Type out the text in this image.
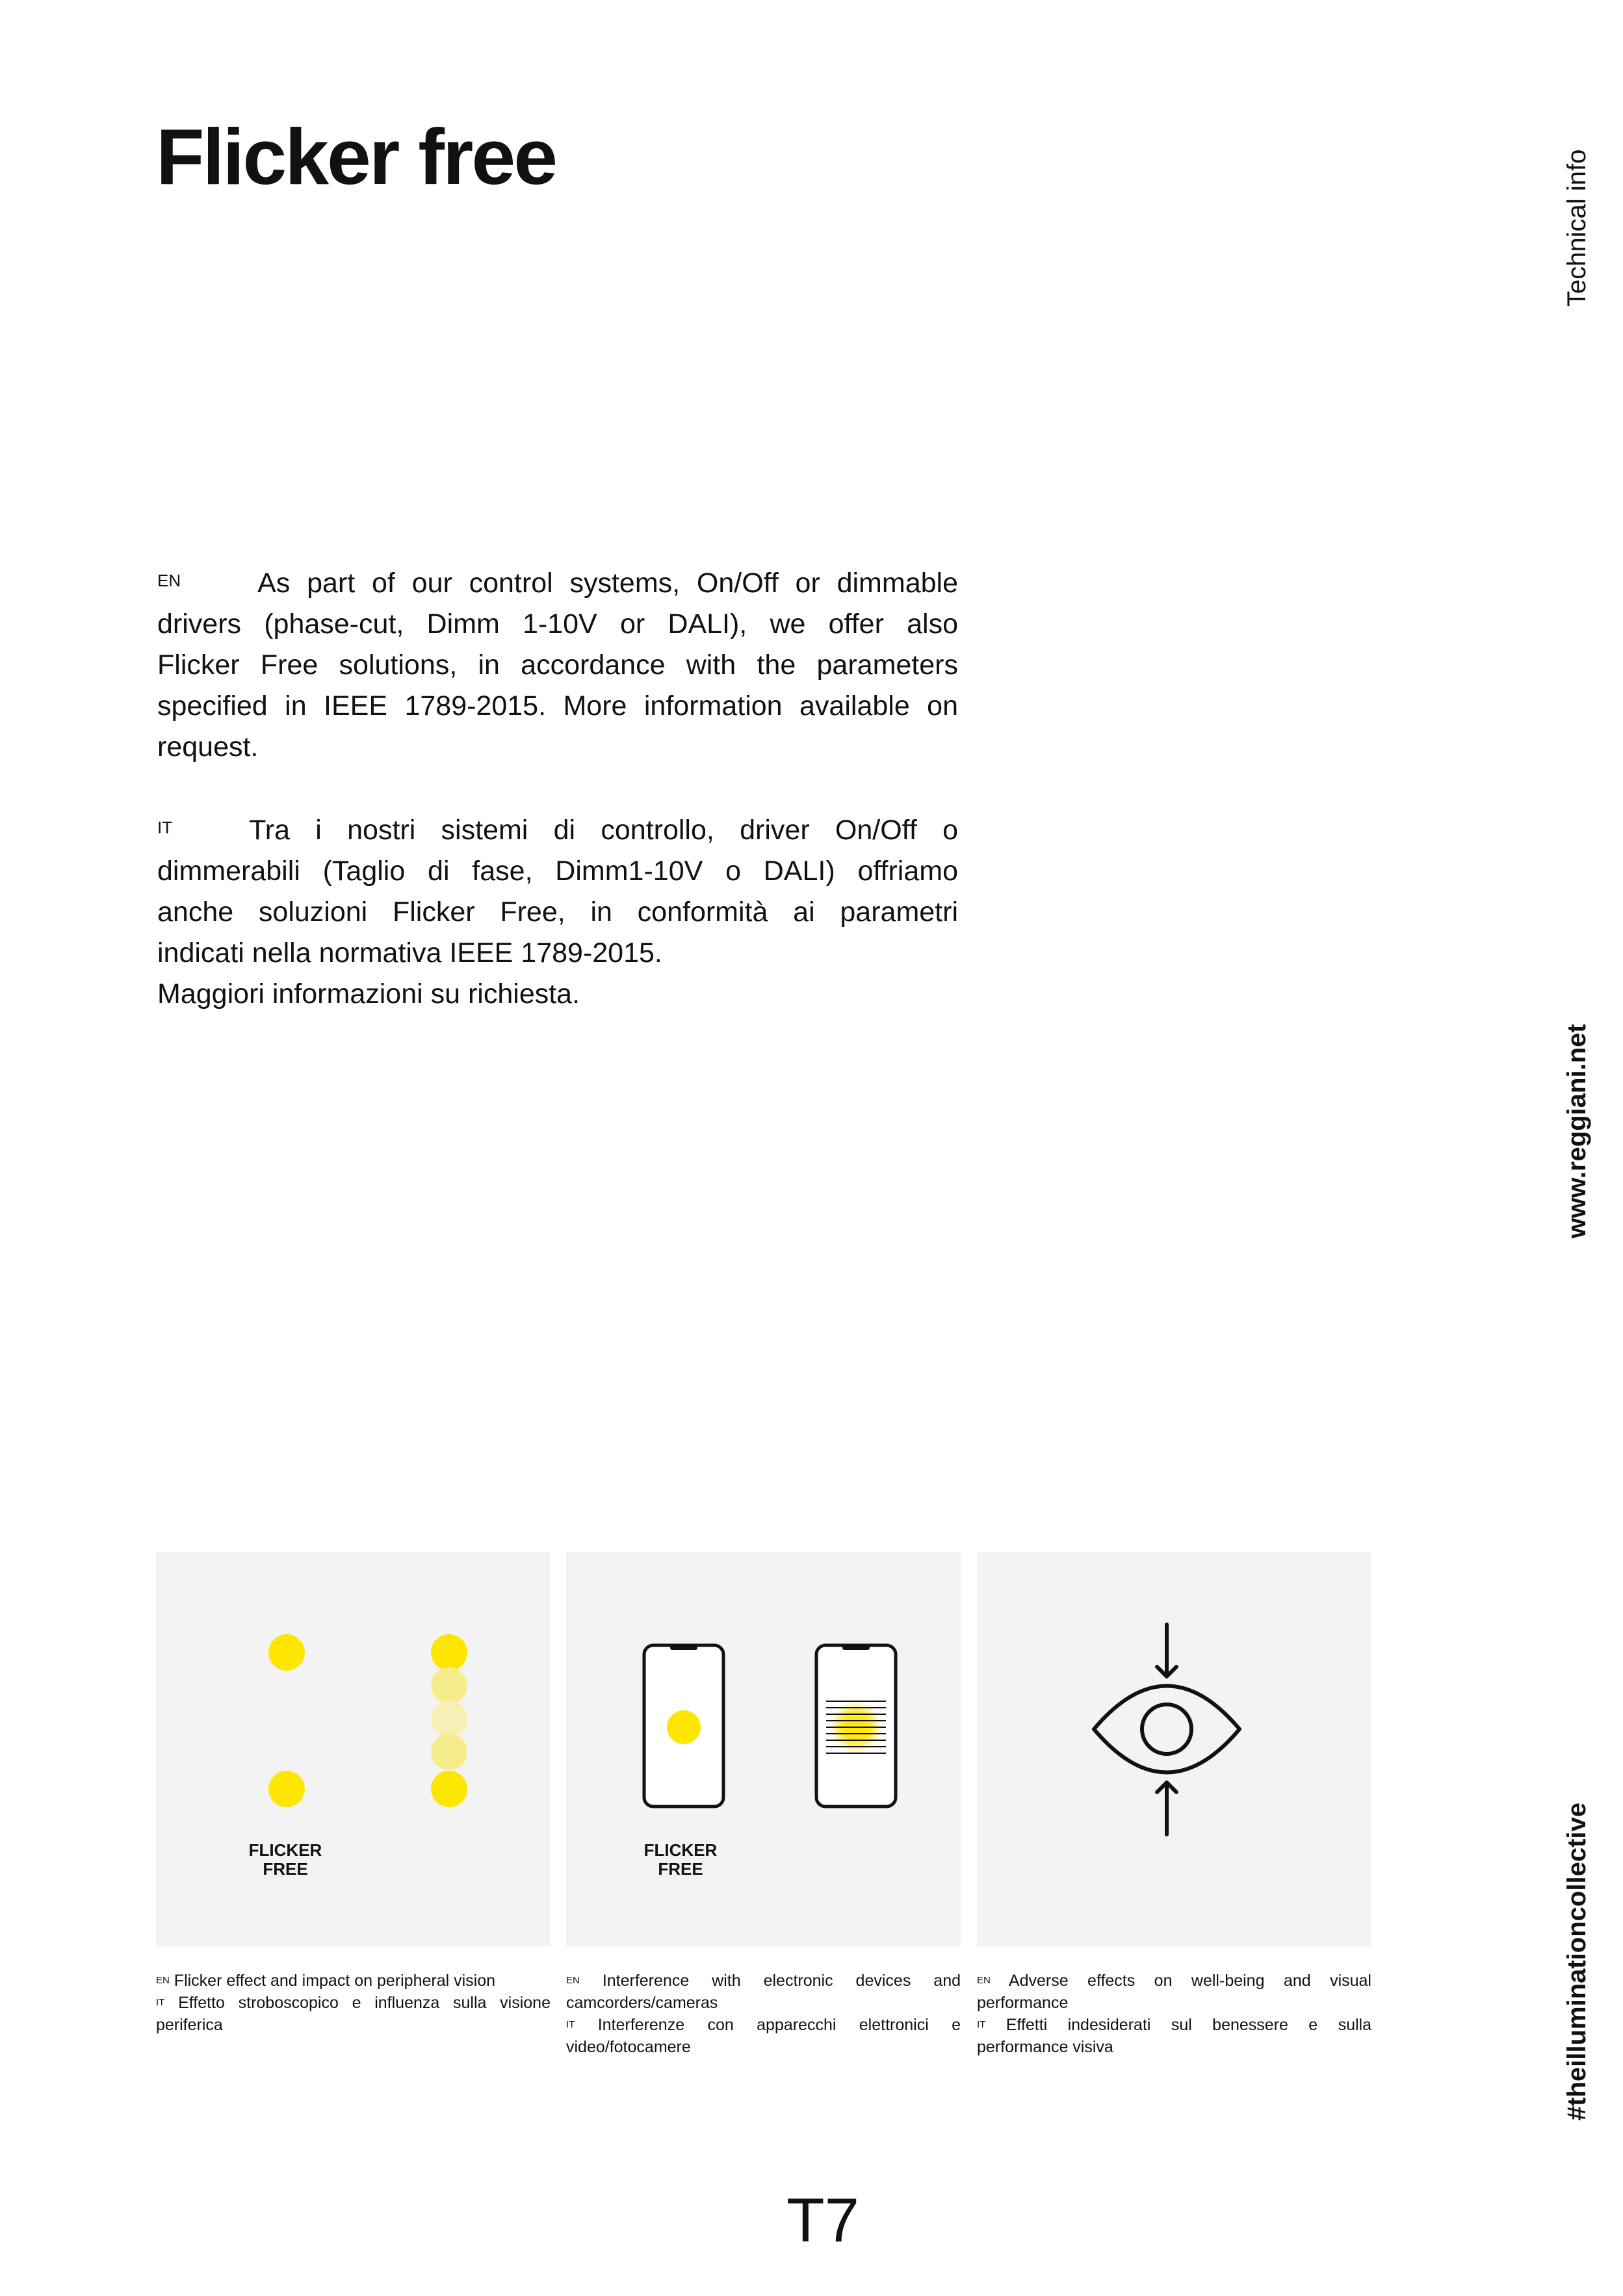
Flicker free	Technical info
www.reggiani.net
#theilluminationcollective
$^{EN}$	As part of our control systems, On/Off or dimmable
drivers (phase-cut, Dimm 1-10V or DALI), we offer also
Flicker Free solutions, in accordance with the parameters
specified in IEEE 1789-2015. More information available on
request.
$^{IT}$	Tra i nostri sistemi di controllo, driver On/Off o
dimmerabili (Taglio di fase, Dimm1-10V o DALI) offriamo
anche soluzioni Flicker Free, in conformità ai parametri
indicati nella normativa IEEE 1789-2015.
Maggiori informazioni su richiesta.
FLICKER
FREE
FLICKER
FREE
$^{EN}$ Flicker effect and impact on peripheral vision
$^{IT}$ Effetto stroboscopico e influenza sulla visione periferica
$^{EN}$ Interference with electronic devices and camcorders/cameras
$^{IT}$ Interferenze con apparecchi elettronici e video/fotocamere
$^{EN}$ Adverse effects on well-being and visual performance
$^{IT}$ Effetti indesiderati sul benessere e sulla performance visiva
T7
